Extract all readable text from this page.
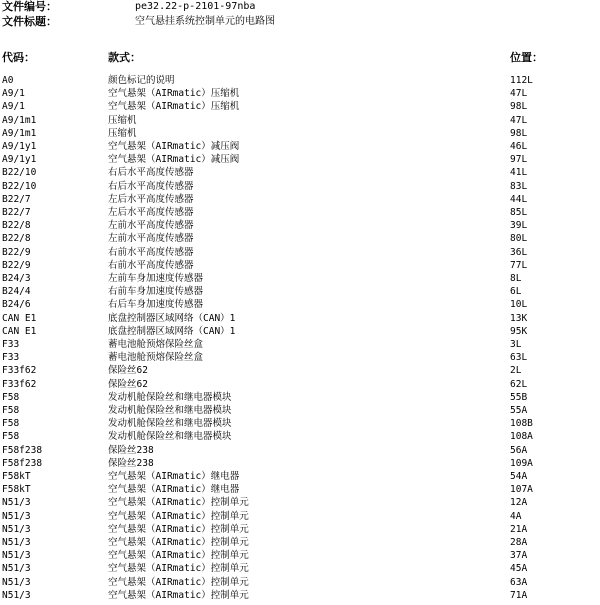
文件编号：	pe32.22-p-2101-97nba
文件标题：	空气悬挂系统控制单元的电路图
代码：	款式：	位置：
A0	颜色标记的说明	112L
A9/1	空气悬架（AIRmatic）压缩机	47L
A9/1	空气悬架（AIRmatic）压缩机	98L
A9/1m1	压缩机	47L
A9/1m1	压缩机	98L
A9/1y1	空气悬架（AIRmatic）减压阀	46L
A9/1y1	空气悬架（AIRmatic）减压阀	97L
B22/10	右后水平高度传感器	41L
B22/10	右后水平高度传感器	83L
B22/7	左后水平高度传感器	44L
B22/7	左后水平高度传感器	85L
B22/8	左前水平高度传感器	39L
B22/8	左前水平高度传感器	80L
B22/9	右前水平高度传感器	36L
B22/9	右前水平高度传感器	77L
B24/3	左前车身加速度传感器	8L
B24/4	右前车身加速度传感器	6L
B24/6	右后车身加速度传感器	10L
CAN E1	底盘控制器区域网络（CAN）1	13K
CAN E1	底盘控制器区域网络（CAN）1	95K
F33	蓄电池舱预熔保险丝盒	3L
F33	蓄电池舱预熔保险丝盒	63L
F33f62	保险丝62	2L
F33f62	保险丝62	62L
F58	发动机舱保险丝和继电器模块	55B
F58	发动机舱保险丝和继电器模块	55A
F58	发动机舱保险丝和继电器模块	108B
F58	发动机舱保险丝和继电器模块	108A
F58f238	保险丝238	56A
F58f238	保险丝238	109A
F58kT	空气悬架（AIRmatic）继电器	54A
F58kT	空气悬架（AIRmatic）继电器	107A
N51/3	空气悬架（AIRmatic）控制单元	12A
N51/3	空气悬架（AIRmatic）控制单元	4A
N51/3	空气悬架（AIRmatic）控制单元	21A
N51/3	空气悬架（AIRmatic）控制单元	28A
N51/3	空气悬架（AIRmatic）控制单元	37A
N51/3	空气悬架（AIRmatic）控制单元	45A
N51/3	空气悬架（AIRmatic）控制单元	63A
N51/3	空气悬架（AIRmatic）控制单元	71A
